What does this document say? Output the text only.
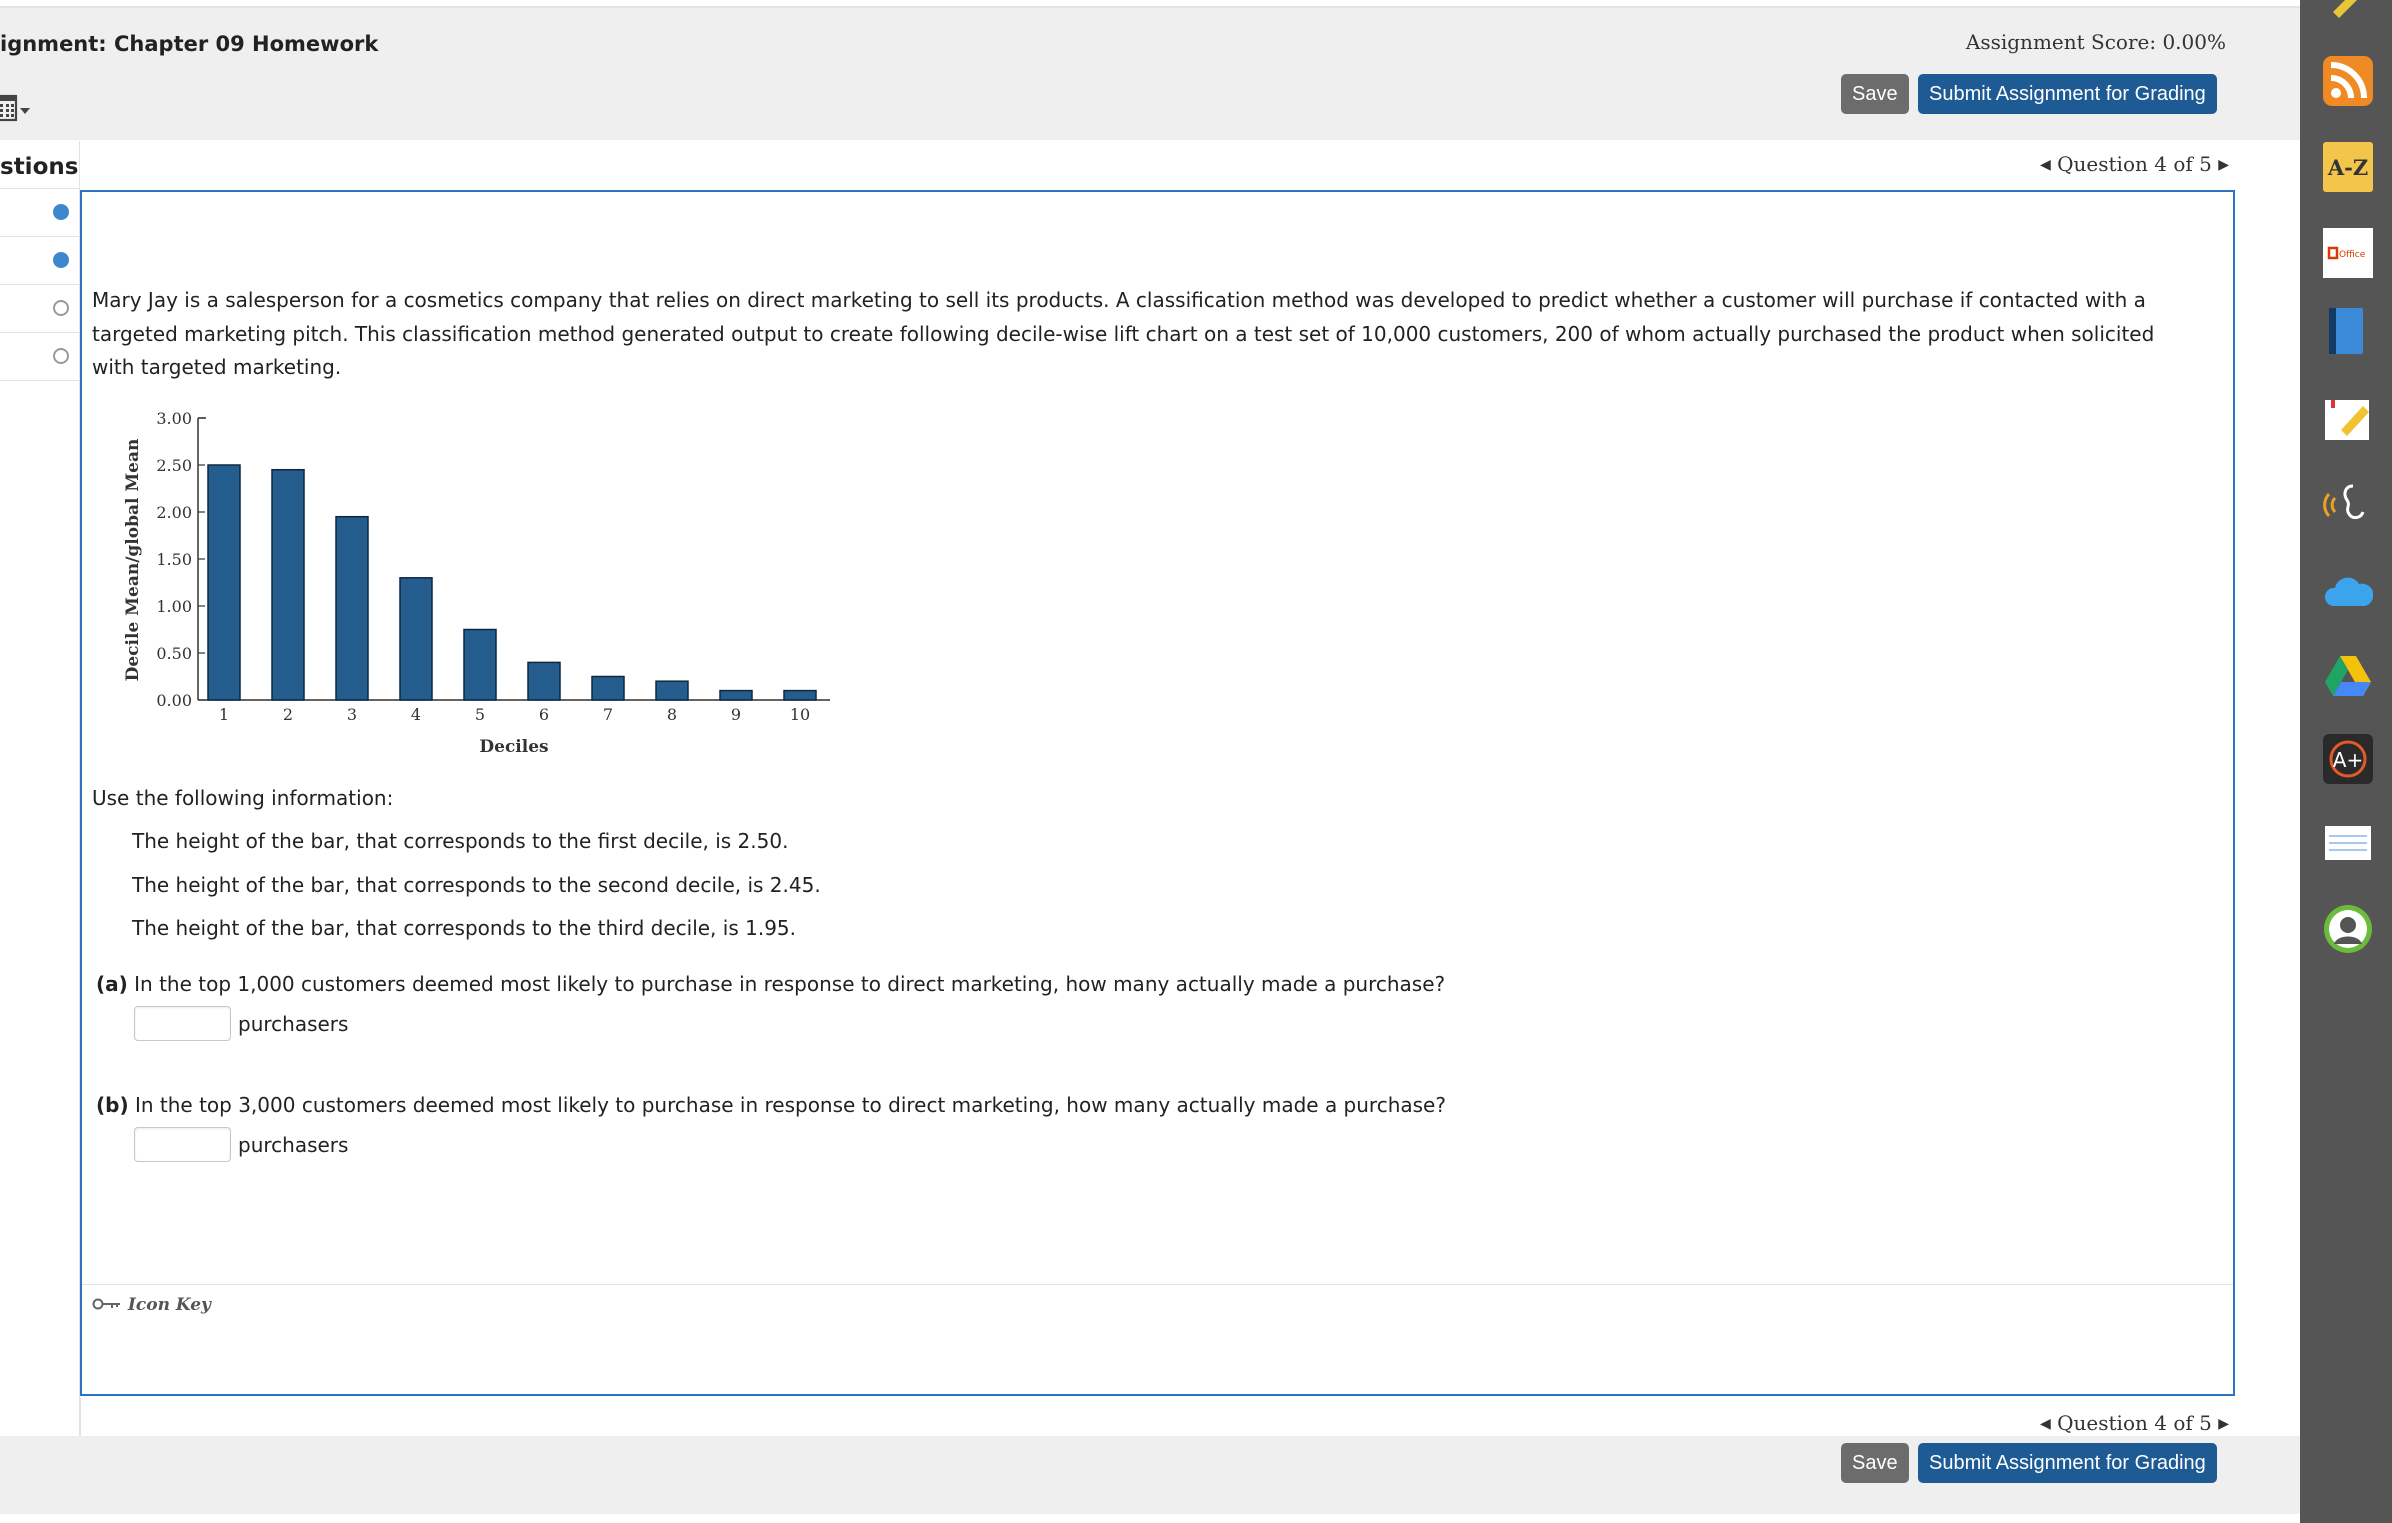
ignment: Chapter 09 Homework	Assignment Score: 0.00%
Save	Submit Assignment for Grading
stions	◀ Question 4 of 5 ▶
Mary Jay is a salesperson for a cosmetics company that relies on direct marketing to sell its products. A classification method was developed to predict whether a customer will purchase if contacted with a targeted marketing pitch. This classification method generated output to create following decile-wise lift chart on a test set of 10,000 customers, 200 of whom actually purchased the product when solicited with targeted marketing.
Use the following information:
The height of the bar, that corresponds to the first decile, is 2.50.
The height of the bar, that corresponds to the second decile, is 2.45.
The height of the bar, that corresponds to the third decile, is 1.95.
(a) In the top 1,000 customers deemed most likely to purchase in response to direct marketing, how many actually made a purchase?
purchasers
(b) In the top 3,000 customers deemed most likely to purchase in response to direct marketing, how many actually made a purchase?
purchasers
Icon Key
0.00
0.50
1.00
1.50
2.00
2.50
3.00
1	2	3	4	5	6	7	8	9	10
Deciles
Decile Mean/global Mean
◀ Question 4 of 5 ▶
Save	Submit Assignment for Grading
A-Z
Office
A+
